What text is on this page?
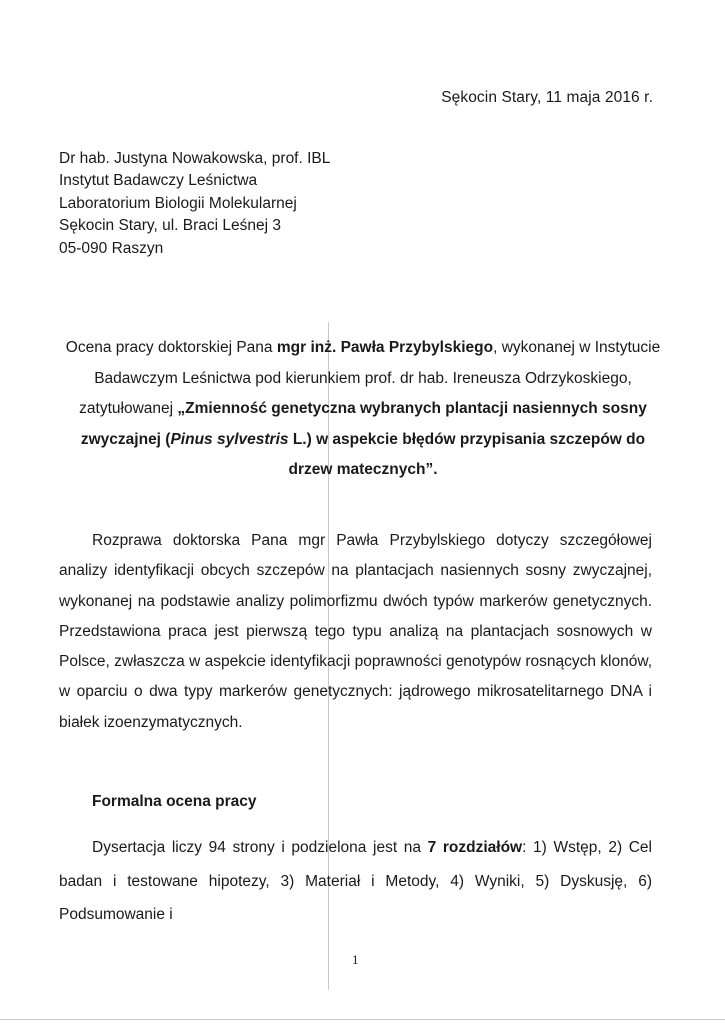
Sękocin Stary, 11 maja 2016 r.
Dr hab. Justyna Nowakowska, prof. IBL
Instytut Badawczy Leśnictwa
Laboratorium Biologii Molekularnej
Sękocin Stary, ul. Braci Leśnej 3
05-090 Raszyn
Ocena pracy doktorskiej Pana mgr inż. Pawła Przybylskiego, wykonanej w Instytucie Badawczym Leśnictwa pod kierunkiem prof. dr hab. Ireneusza Odrzykoskiego, zatytułowanej „Zmienność genetyczna wybranych plantacji nasiennych sosny zwyczajnej (Pinus sylvestris L.) w aspekcie błędów przypisania szczepów do drzew matecznych”.
Rozprawa doktorska Pana mgr Pawła Przybylskiego dotyczy szczegółowej analizy identyfikacji obcych szczepów na plantacjach nasiennych sosny zwyczajnej, wykonanej na podstawie analizy polimorfizmu dwóch typów markerów genetycznych. Przedstawiona praca jest pierwszą tego typu analizą na plantacjach sosnowych w Polsce, zwłaszcza w aspekcie identyfikacji poprawności genotypów rosnących klonów, w oparciu o dwa typy markerów genetycznych: jądrowego mikrosatelitarnego DNA i białek izoenzymatycznych.
Formalna ocena pracy
Dysertacja liczy 94 strony i podzielona jest na 7 rozdziałów: 1) Wstęp, 2) Cel badan i testowane hipotezy, 3) Materiał i Metody, 4) Wyniki, 5) Dyskusję, 6) Podsumowanie i
1
